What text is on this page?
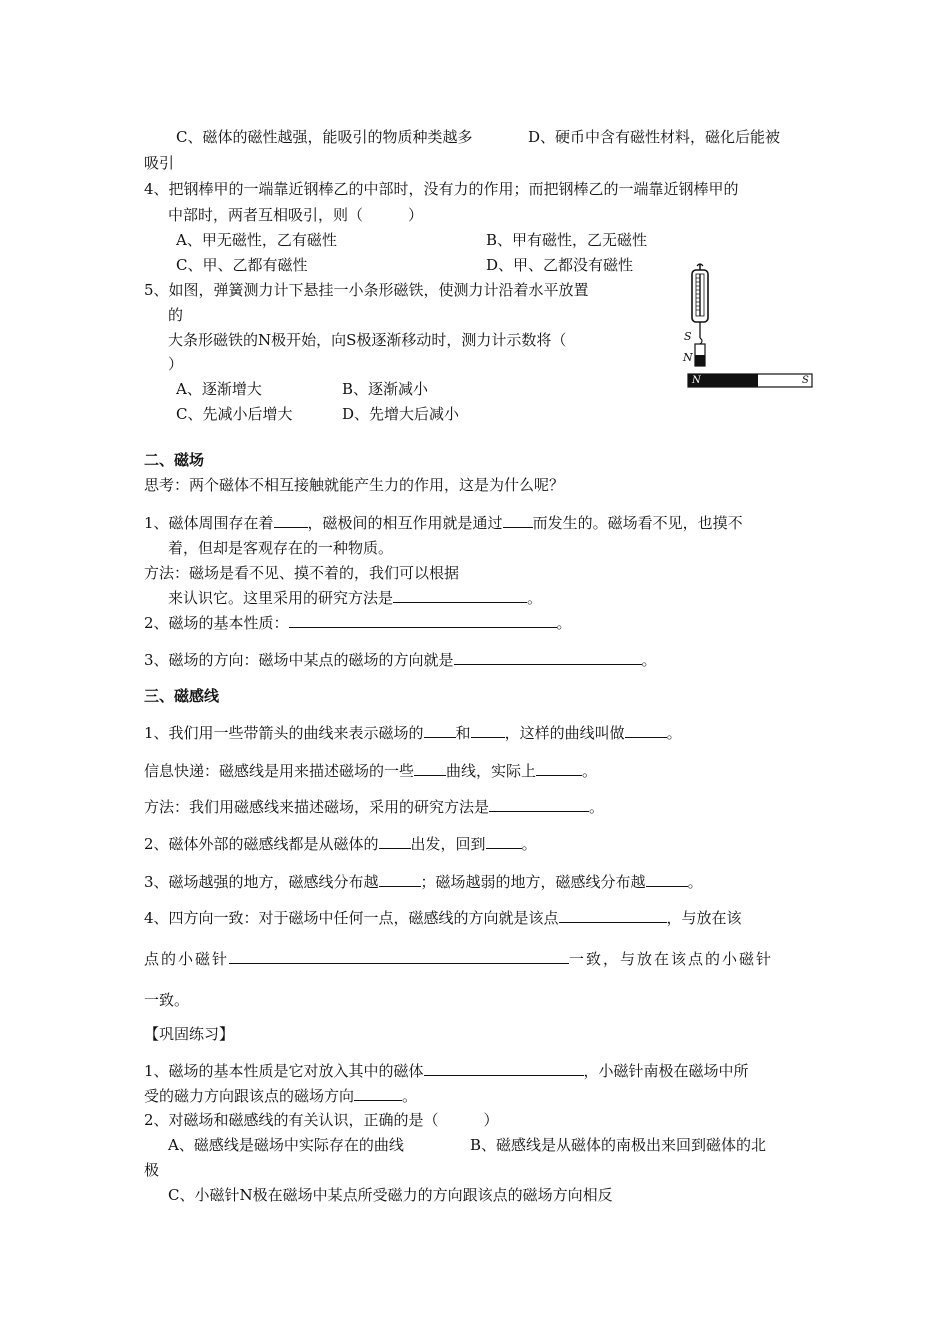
C、磁体的磁性越强，能吸引的物质种类越多	D、硬币中含有磁性材料，磁化后能被
吸引
4、把钢棒甲的一端靠近钢棒乙的中部时，没有力的作用；而把钢棒乙的一端靠近钢棒甲的
中部时，两者互相吸引，则（　　　）
A、甲无磁性，乙有磁性	B、甲有磁性，乙无磁性
C、甲、乙都有磁性	D、甲、乙都没有磁性
5、如图，弹簧测力计下悬挂一小条形磁铁，使测力计沿着水平放置
的
大条形磁铁的N极开始，向S极逐渐移动时，测力计示数将（
）
A、逐渐增大	B、逐渐减小
C、先减小后增大	D、先增大后减小
S
N
N	S
二、磁场
思考：两个磁体不相互接触就能产生力的作用，这是为什么呢？
1、磁体周围存在着 ，磁极间的相互作用就是通过 而发生的。磁场看不见，也摸不
着，但却是客观存在的一种物质。
方法：磁场是看不见、摸不着的，我们可以根据
来认识它。这里采用的研究方法是	。
2、磁场的基本性质：	。
3、磁场的方向：磁场中某点的磁场的方向就是	。
三、磁感线
1、我们用一些带箭头的曲线来表示磁场的 和 ，这样的曲线叫做	。
信息快递：磁感线是用来描述磁场的一些 曲线，实际上	。
方法：我们用磁感线来描述磁场，采用的研究方法是	。
2、磁体外部的磁感线都是从磁体的 出发，回到 。
3、磁场越强的地方，磁感线分布越	；磁场越弱的地方，磁感线分布越	。
4、四方向一致：对于磁场中任何一点，磁感线的方向就是该点	，与放在该
点的小磁针	一致，与放在该点的小磁针
一致。
【巩固练习】
1、磁场的基本性质是它对放入其中的磁体	，小磁针南极在磁场中所
受的磁力方向跟该点的磁场方向	。
2、对磁场和磁感线的有关认识，正确的是（　　　）
A、磁感线是磁场中实际存在的曲线	B、磁感线是从磁体的南极出来回到磁体的北
极
C、小磁针N极在磁场中某点所受磁力的方向跟该点的磁场方向相反
